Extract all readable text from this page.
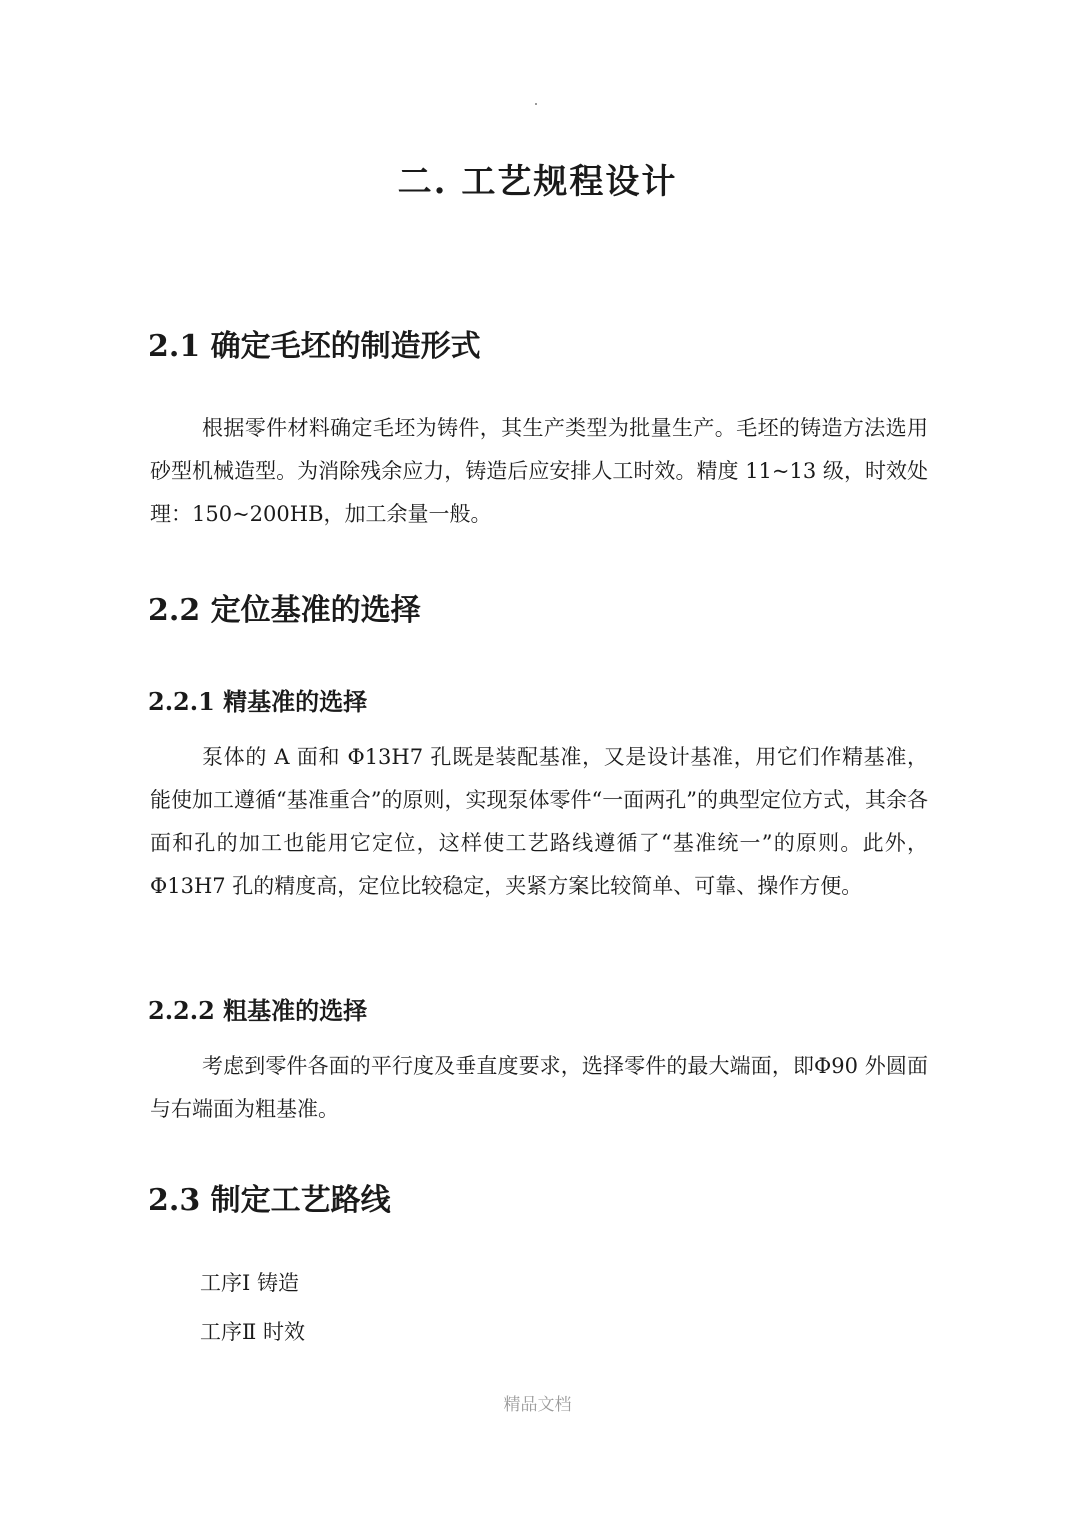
二. 工艺规程设计
2.1 确定毛坯的制造形式

根据零件材料确定毛坯为铸件，其生产类型为批量生产。毛坯的铸造方法选用砂型机械造型。为消除残余应力，铸造后应安排人工时效。精度 11~13 级，时效处理：150~200HB，加工余量一般。

2.2 定位基准的选择
2.2.1 精基准的选择

泵体的 A 面和 Φ13H7 孔既是装配基准，又是设计基准，用它们作精基准，能使加工遵循“基准重合”的原则，实现泵体零件“一面两孔”的典型定位方式，其余各面和孔的加工也能用它定位，这样使工艺路线遵循了“基准统一”的原则。此外，Φ13H7 孔的精度高，定位比较稳定，夹紧方案比较简单、可靠、操作方便。

2.2.2 粗基准的选择

考虑到零件各面的平行度及垂直度要求，选择零件的最大端面，即Φ90 外圆面与右端面为粗基准。

2.3 制定工艺路线
工序Ⅰ 铸造
工序Ⅱ 时效
精品文档
